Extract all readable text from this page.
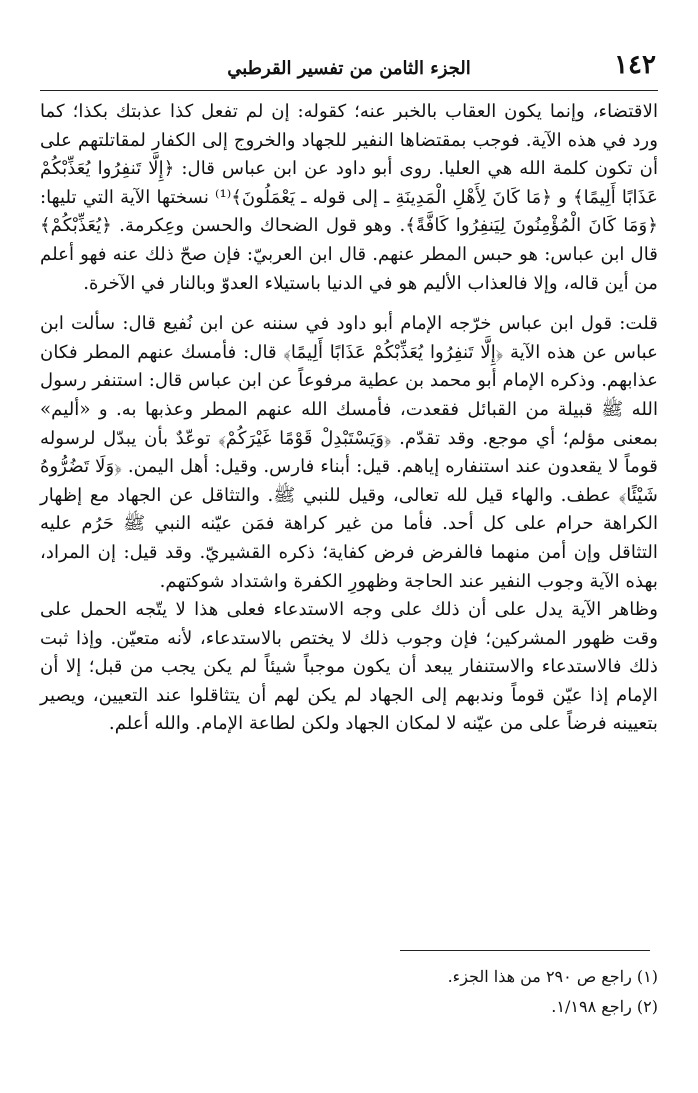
١٤٢
الجزء الثامن من تفسير القرطبي

الاقتضاء، وإنما يكون العقاب بالخبر عنه؛ كقوله: إن لم تفعل كذا عذبتك بكذا؛ كما ورد في هذه الآية. فوجب بمقتضاها النفير للجهاد والخروج إلى الكفار لمقاتلتهم على أن تكون كلمة الله هي العليا. روى أبو داود عن ابن عباس قال: ﴿إِلَّا تَنفِرُوا يُعَذِّبْكُمْ عَذَابًا أَلِيمًا﴾ و ﴿مَا كَانَ لِأَهْلِ الْمَدِينَةِ ـ إلى قوله ـ يَعْمَلُونَ﴾⁽¹⁾ نسختها الآية التي تليها: ﴿وَمَا كَانَ الْمُؤْمِنُونَ لِيَنفِرُوا كَافَّةً﴾. وهو قول الضحاك والحسن وعِكرمة. ﴿يُعَذِّبْكُمْ﴾ قال ابن عباس: هو حبس المطر عنهم. قال ابن العربيّ: فإن صحّ ذلك عنه فهو أعلم من أين قاله، وإلا فالعذاب الأليم هو في الدنيا باستيلاء العدوّ وبالنار في الآخرة.

قلت: قول ابن عباس خرّجه الإمام أبو داود في سننه عن ابن نُفيع قال: سألت ابن عباس عن هذه الآية ﴿إِلَّا تَنفِرُوا يُعَذِّبْكُمْ عَذَابًا أَلِيمًا﴾ قال: فأمسك عنهم المطر فكان عذابهم. وذكره الإمام أبو محمد بن عطية مرفوعاً عن ابن عباس قال: استنفر رسول الله ﷺ قبيلة من القبائل فقعدت، فأمسك الله عنهم المطر وعذبها به. و «أليم» بمعنى مؤلم؛ أي موجع. وقد تقدّم. ﴿وَيَسْتَبْدِلْ قَوْمًا غَيْرَكُمْ﴾ توعّدٌ بأن يبدّل لرسوله قوماً لا يقعدون عند استنفاره إياهم. قيل: أبناء فارس. وقيل: أهل اليمن. ﴿وَلَا تَضُرُّوهُ شَيْئًا﴾ عطف. والهاء قيل لله تعالى، وقيل للنبي ﷺ. والتثاقل عن الجهاد مع إظهار الكراهة حرام على كل أحد. فأما من غير كراهة فمَن عيّنه النبي ﷺ حَرُم عليه التثاقل وإن أمن منهما فالفرض فرض كفاية؛ ذكره القشيريّ. وقد قيل: إن المراد، بهذه الآية وجوب النفير عند الحاجة وظهورِ الكفرة واشتداد شوكتهم.

وظاهر الآية يدل على أن ذلك على وجه الاستدعاء فعلى هذا لا يتّجه الحمل على وقت ظهور المشركين؛ فإن وجوب ذلك لا يختص بالاستدعاء، لأنه متعيّن. وإذا ثبت ذلك فالاستدعاء والاستنفار يبعد أن يكون موجباً شيئاً لم يكن يجب من قبل؛ إلا أن الإمام إذا عيّن قوماً وندبهم إلى الجهاد لم يكن لهم أن يتثاقلوا عند التعيين، ويصير بتعيينه فرضاً على من عيّنه لا لمكان الجهاد ولكن لطاعة الإمام. والله أعلم.

(١) راجع ص ٢٩٠ من هذا الجزء.

(٢) راجع ١/١٩٨.
